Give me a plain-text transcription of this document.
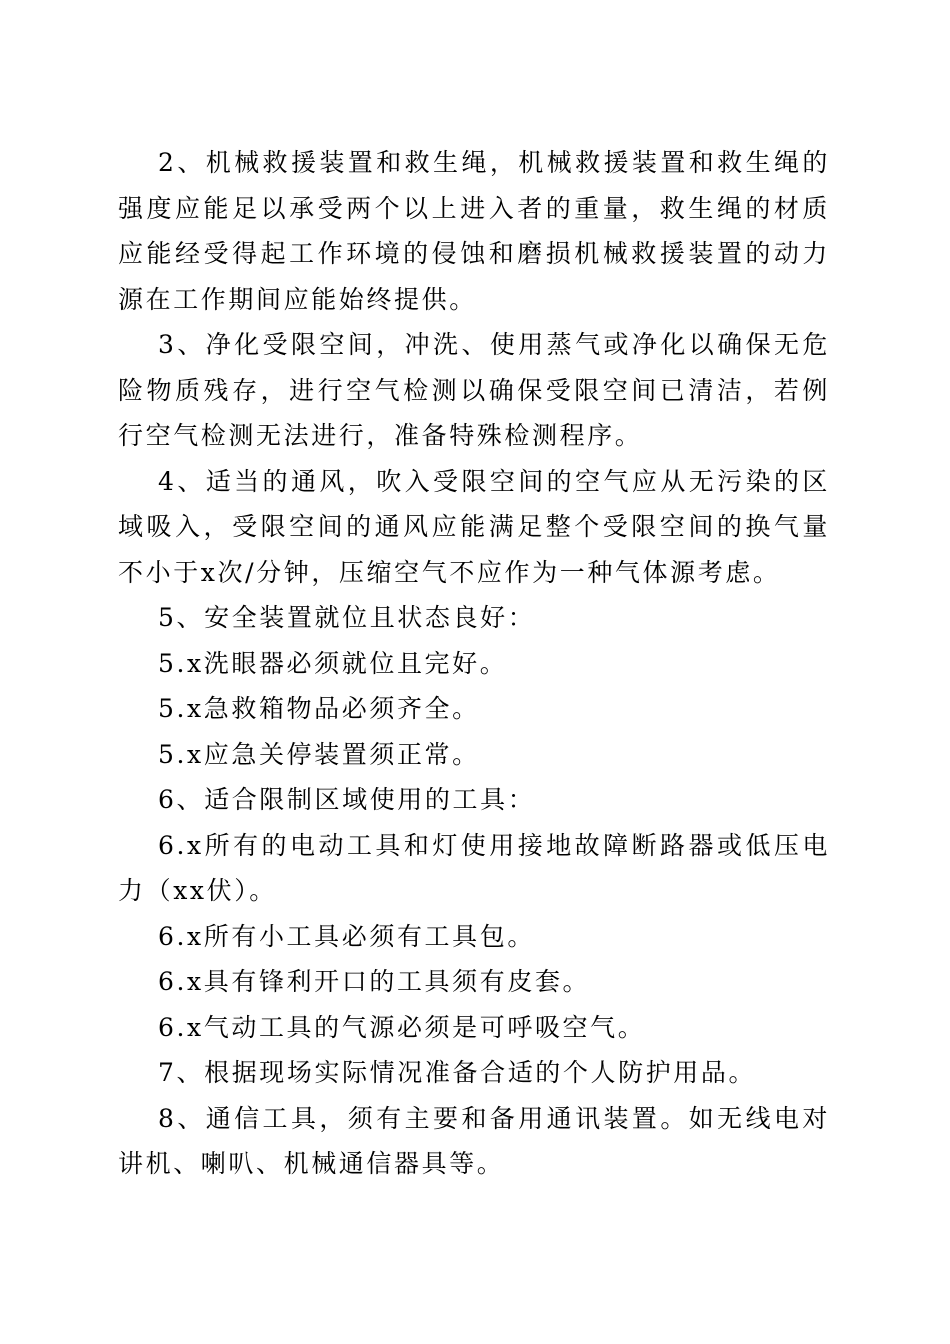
2、机械救援装置和救生绳，机械救援装置和救生绳的强度应能足以承受两个以上进入者的重量，救生绳的材质应能经受得起工作环境的侵蚀和磨损机械救援装置的动力源在工作期间应能始终提供。

3、净化受限空间，冲洗、使用蒸气或净化以确保无危险物质残存，进行空气检测以确保受限空间已清洁，若例行空气检测无法进行，准备特殊检测程序。

4、适当的通风，吹入受限空间的空气应从无污染的区域吸入，受限空间的通风应能满足整个受限空间的换气量不小于x次/分钟，压缩空气不应作为一种气体源考虑。

5、安全装置就位且状态良好：

5.x洗眼器必须就位且完好。

5.x急救箱物品必须齐全。

5.x应急关停装置须正常。

6、适合限制区域使用的工具：

6.x所有的电动工具和灯使用接地故障断路器或低压电力（xx伏）。

6.x所有小工具必须有工具包。

6.x具有锋利开口的工具须有皮套。

6.x气动工具的气源必须是可呼吸空气。

7、根据现场实际情况准备合适的个人防护用品。

8、通信工具，须有主要和备用通讯装置。如无线电对讲机、喇叭、机械通信器具等。
